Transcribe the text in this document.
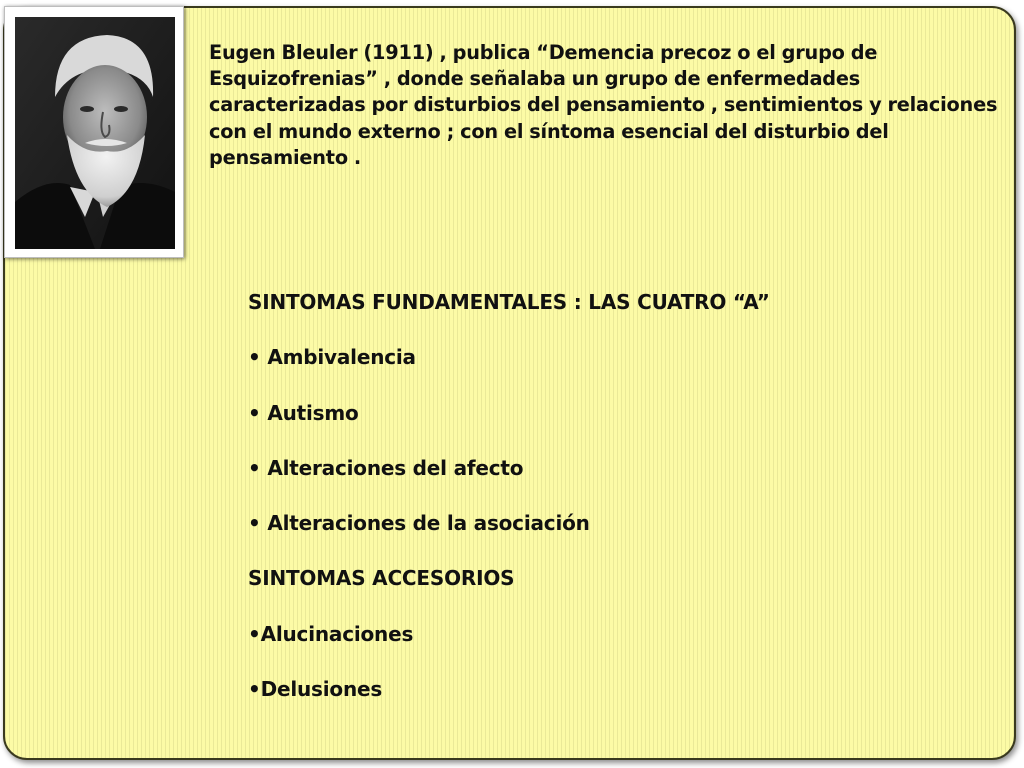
Eugen Bleuler (1911) , publica “Demencia precoz o el grupo de Esquizofrenias” , donde señalaba un grupo de enfermedades caracterizadas por disturbios del pensamiento , sentimientos y relaciones con el mundo externo ; con el síntoma esencial del disturbio del pensamiento .

SINTOMAS FUNDAMENTALES : LAS CUATRO “A”
• Ambivalencia
• Autismo
• Alteraciones del afecto
• Alteraciones de la asociación
SINTOMAS ACCESORIOS
•Alucinaciones
•Delusiones
